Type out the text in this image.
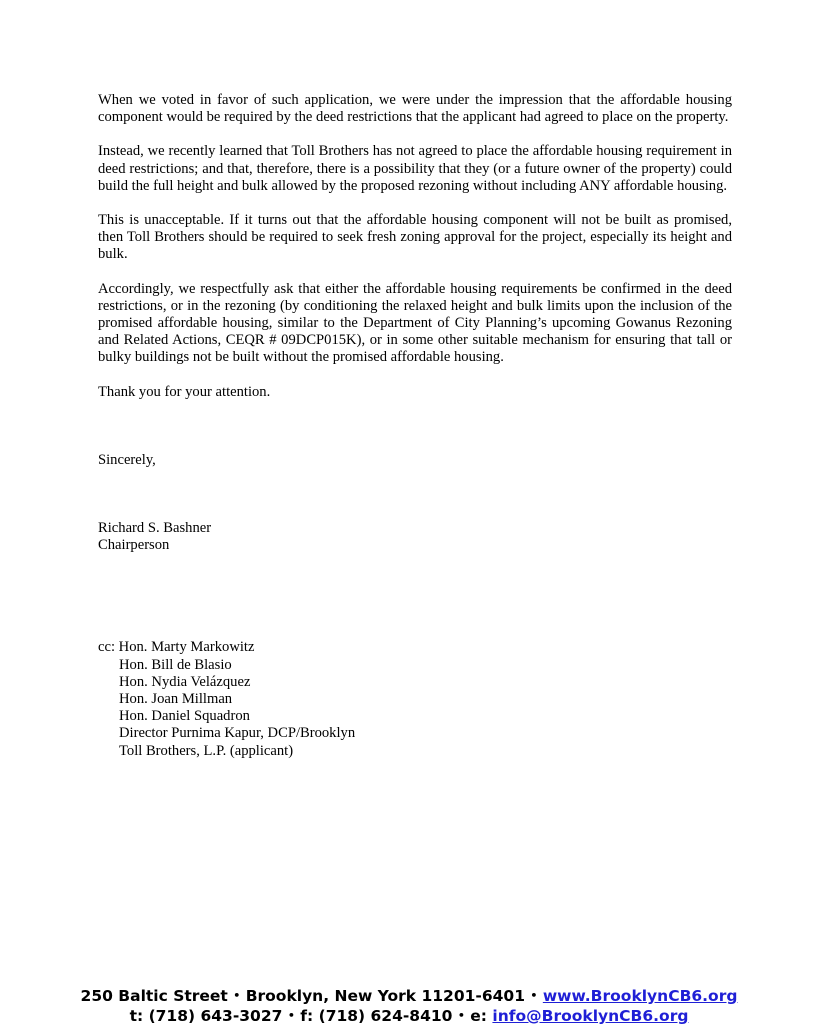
When we voted in favor of such application, we were under the impression that the affordable housing component would be required by the deed restrictions that the applicant had agreed to place on the property.

Instead, we recently learned that Toll Brothers has not agreed to place the affordable housing requirement in deed restrictions; and that, therefore, there is a possibility that they (or a future owner of the property) could build the full height and bulk allowed by the proposed rezoning without including ANY affordable housing.

This is unacceptable. If it turns out that the affordable housing component will not be built as promised, then Toll Brothers should be required to seek fresh zoning approval for the project, especially its height and bulk.

Accordingly, we respectfully ask that either the affordable housing requirements be confirmed in the deed restrictions, or in the rezoning (by conditioning the relaxed height and bulk limits upon the inclusion of the promised affordable housing, similar to the Department of City Planning’s upcoming Gowanus Rezoning and Related Actions, CEQR # 09DCP015K), or in some other suitable mechanism for ensuring that tall or bulky buildings not be built without the promised affordable housing.

Thank you for your attention.

Sincerely,

Richard S. Bashner

Chairperson

cc: Hon. Marty Markowitz
Hon. Bill de Blasio
Hon. Nydia Velázquez
Hon. Joan Millman
Hon. Daniel Squadron
Director Purnima Kapur, DCP/Brooklyn
Toll Brothers, L.P. (applicant)
250 Baltic Street • Brooklyn, New York 11201-6401 • www.BrooklynCB6.org
t: (718) 643-3027 • f: (718) 624-8410 • e: info@BrooklynCB6.org
